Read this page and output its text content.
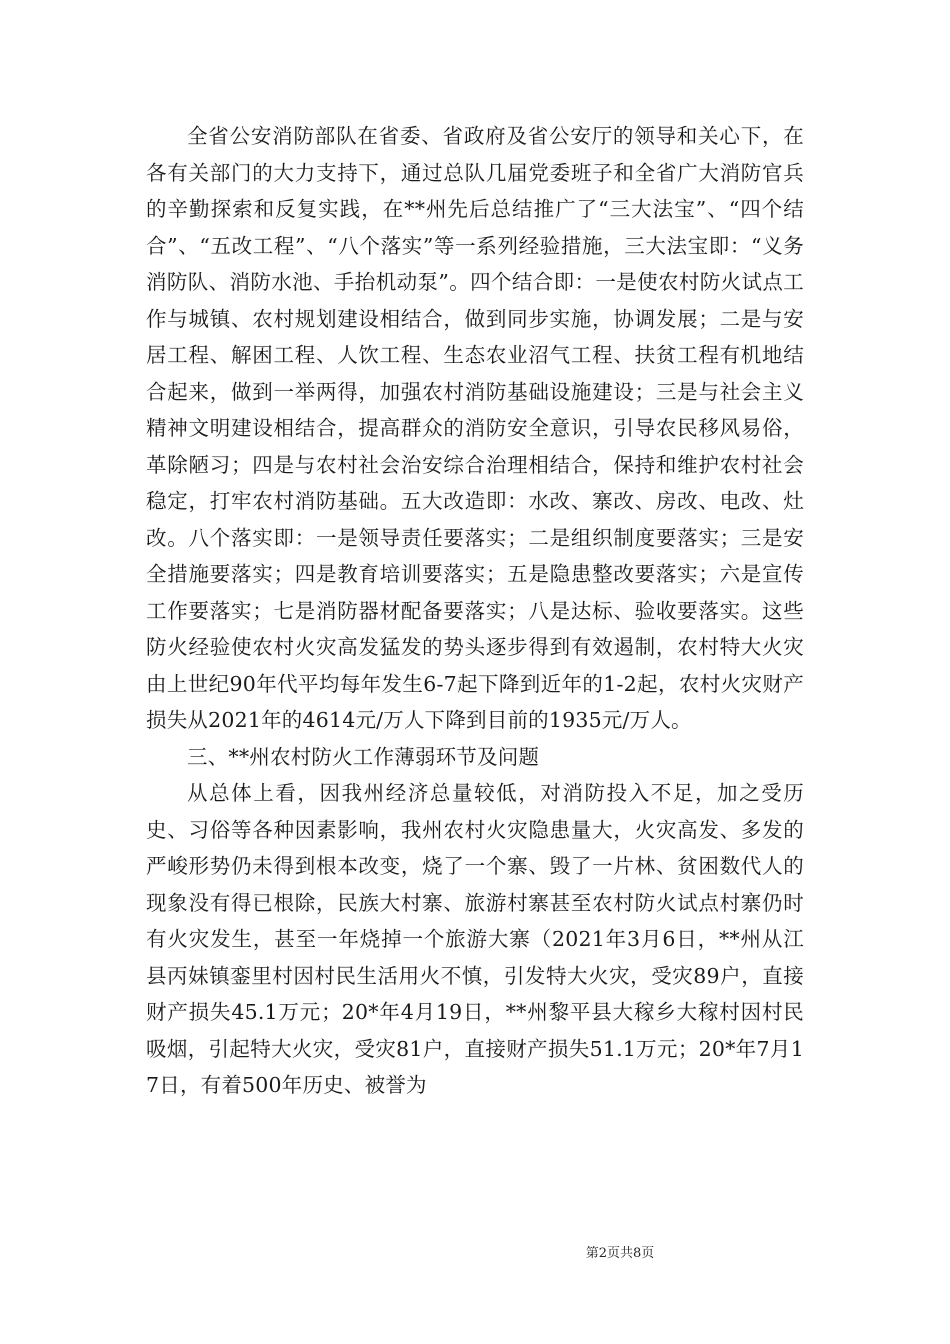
全省公安消防部队在省委、省政府及省公安厅的领导和关心下，在各有关部门的大力支持下，通过总队几届党委班子和全省广大消防官兵的辛勤探索和反复实践，在**州先后总结推广了“三大法宝”、“四个结合”、“五改工程”、“八个落实”等一系列经验措施，三大法宝即：“义务消防队、消防水池、手抬机动泵”。四个结合即：一是使农村防火试点工作与城镇、农村规划建设相结合，做到同步实施，协调发展；二是与安居工程、解困工程、人饮工程、生态农业沼气工程、扶贫工程有机地结合起来，做到一举两得，加强农村消防基础设施建设；三是与社会主义精神文明建设相结合，提高群众的消防安全意识，引导农民移风易俗，革除陋习；四是与农村社会治安综合治理相结合，保持和维护农村社会稳定，打牢农村消防基础。五大改造即：水改、寨改、房改、电改、灶改。八个落实即：一是领导责任要落实；二是组织制度要落实；三是安全措施要落实；四是教育培训要落实；五是隐患整改要落实；六是宣传工作要落实；七是消防器材配备要落实；八是达标、验收要落实。这些防火经验使农村火灾高发猛发的势头逐步得到有效遏制，农村特大火灾由上世纪90年代平均每年发生6-7起下降到近年的1-2起，农村火灾财产损失从2021年的4614元/万人下降到目前的1935元/万人。

三、**州农村防火工作薄弱环节及问题

从总体上看，因我州经济总量较低，对消防投入不足，加之受历史、习俗等各种因素影响，我州农村火灾隐患量大，火灾高发、多发的严峻形势仍未得到根本改变，烧了一个寨、毁了一片林、贫困数代人的现象没有得已根除，民族大村寨、旅游村寨甚至农村防火试点村寨仍时有火灾发生，甚至一年烧掉一个旅游大寨（2021年3月6日，**州从江县丙妹镇銮里村因村民生活用火不慎，引发特大火灾，受灾89户，直接财产损失45.1万元；20*年4月19日，**州黎平县大稼乡大稼村因村民吸烟，引起特大火灾，受灾81户，直接财产损失51.1万元；20*年7月17日，有着500年历史、被誉为

第2页共8页
